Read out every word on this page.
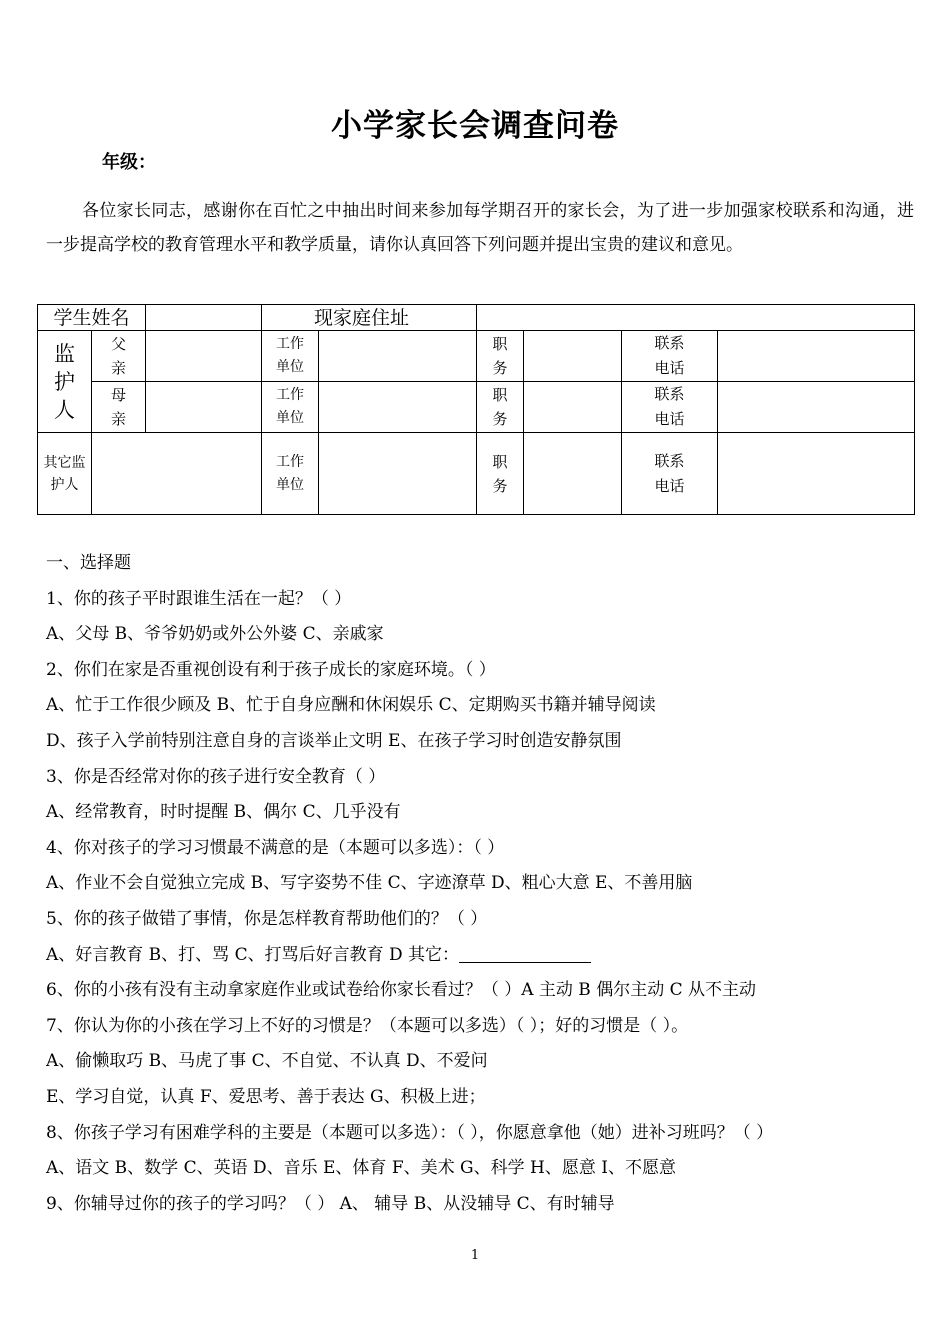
小学家长会调查问卷
年级：
各位家长同志，感谢你在百忙之中抽出时间来参加每学期召开的家长会，为了进一步加强家校联系和沟通，进一步提高学校的教育管理水平和教学质量，请你认真回答下列问题并提出宝贵的建议和意见。
学生姓名			现家庭住址					
监护人	父亲		工作单位		职务		联系电话	
	母亲		工作单位		职务		联系电话	
其它监护人			工作单位		职务		联系电话	
一、选择题
1、你的孩子平时跟谁生活在一起？（ ）
A、父母 B、爷爷奶奶或外公外婆 C、亲戚家
2、你们在家是否重视创设有利于孩子成长的家庭环境。（ ）
A、忙于工作很少顾及 B、忙于自身应酬和休闲娱乐 C、定期购买书籍并辅导阅读
D、孩子入学前特别注意自身的言谈举止文明 E、在孩子学习时创造安静氛围
3、你是否经常对你的孩子进行安全教育（ ）
A、经常教育，时时提醒 B、偶尔 C、几乎没有
4、你对孩子的学习习惯最不满意的是（本题可以多选）：（ ）
A、作业不会自觉独立完成 B、写字姿势不佳 C、字迹潦草 D、粗心大意 E、不善用脑
5、你的孩子做错了事情，你是怎样教育帮助他们的？（ ）
A、好言教育 B、打、骂 C、打骂后好言教育 D 其它：
6、你的小孩有没有主动拿家庭作业或试卷给你家长看过？（ ）A 主动 B 偶尔主动 C 从不主动
7、你认为你的小孩在学习上不好的习惯是？（本题可以多选）（ ）；好的习惯是（ ）。
A、偷懒取巧 B、马虎了事 C、不自觉、不认真 D、不爱问
E、学习自觉，认真 F、爱思考、善于表达 G、积极上进；
8、你孩子学习有困难学科的主要是（本题可以多选）：（ ），你愿意拿他（她）进补习班吗？（ ）
A、语文 B、数学 C、英语 D、音乐 E、体育 F、美术 G、科学 H、愿意 I、不愿意
9、你辅导过你的孩子的学习吗？（ ） A、 辅导 B、从没辅导 C、有时辅导
1
